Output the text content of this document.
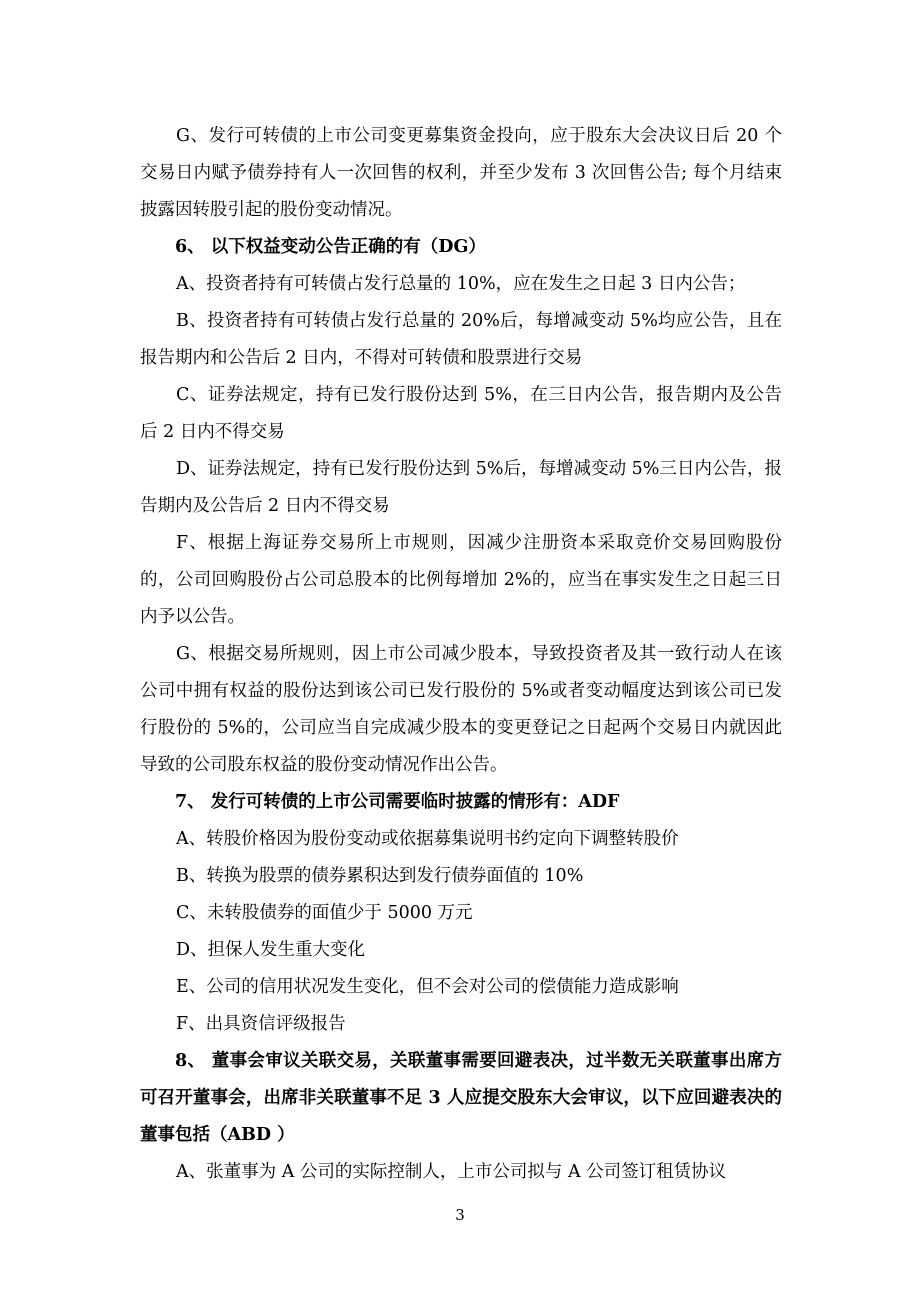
G、发行可转债的上市公司变更募集资金投向，应于股东大会决议日后 20 个交易日内赋予债券持有人一次回售的权利，并至少发布 3 次回售公告; 每个月结束披露因转股引起的股份变动情况。

6、 以下权益变动公告正确的有（DG）

A、投资者持有可转债占发行总量的 10%，应在发生之日起 3 日内公告；

B、投资者持有可转债占发行总量的 20%后，每增减变动 5%均应公告，且在报告期内和公告后 2 日内，不得对可转债和股票进行交易

C、证券法规定，持有已发行股份达到 5%，在三日内公告，报告期内及公告后 2 日内不得交易

D、证券法规定，持有已发行股份达到 5%后，每增减变动 5%三日内公告，报告期内及公告后 2 日内不得交易

F、根据上海证券交易所上市规则，因减少注册资本采取竞价交易回购股份的，公司回购股份占公司总股本的比例每增加 2%的，应当在事实发生之日起三日内予以公告。

G、根据交易所规则，因上市公司减少股本，导致投资者及其一致行动人在该公司中拥有权益的股份达到该公司已发行股份的 5%或者变动幅度达到该公司已发行股份的 5%的，公司应当自完成减少股本的变更登记之日起两个交易日内就因此导致的公司股东权益的股份变动情况作出公告。

7、 发行可转债的上市公司需要临时披露的情形有：ADF

A、转股价格因为股份变动或依据募集说明书约定向下调整转股价

B、转换为股票的债券累积达到发行债券面值的 10%

C、未转股债券的面值少于 5000 万元

D、担保人发生重大变化

E、公司的信用状况发生变化，但不会对公司的偿债能力造成影响

F、出具资信评级报告

8、 董事会审议关联交易，关联董事需要回避表决，过半数无关联董事出席方可召开董事会，出席非关联董事不足 3 人应提交股东大会审议，以下应回避表决的董事包括（ABD ）

A、张董事为 A 公司的实际控制人，上市公司拟与 A 公司签订租赁协议

3
